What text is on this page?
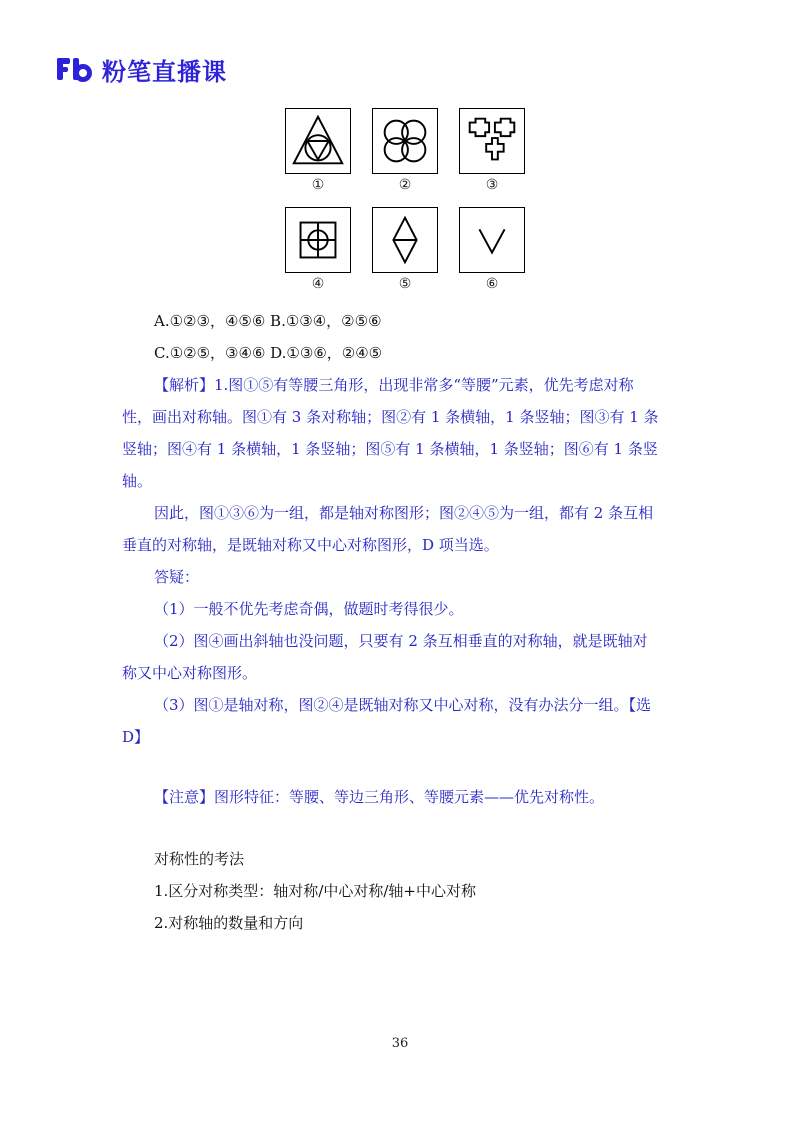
粉笔直播课
①	②	③
④	⑤	⑥
A.①②③，④⑤⑥ B.①③④，②⑤⑥
C.①②⑤，③④⑥ D.①③⑥，②④⑤
【解析】1.图①⑤有等腰三角形，出现非常多“等腰”元素，优先考虑对称
性，画出对称轴。图①有 3 条对称轴；图②有 1 条横轴，1 条竖轴；图③有 1 条
竖轴；图④有 1 条横轴，1 条竖轴；图⑤有 1 条横轴，1 条竖轴；图⑥有 1 条竖
轴。
因此，图①③⑥为一组，都是轴对称图形；图②④⑤为一组，都有 2 条互相
垂直的对称轴，是既轴对称又中心对称图形，D 项当选。
答疑：
（1）一般不优先考虑奇偶，做题时考得很少。
（2）图④画出斜轴也没问题，只要有 2 条互相垂直的对称轴，就是既轴对
称又中心对称图形。
（3）图①是轴对称，图②④是既轴对称又中心对称，没有办法分一组。【选
D】
【注意】图形特征：等腰、等边三角形、等腰元素——优先对称性。
对称性的考法
1.区分对称类型：轴对称/中心对称/轴+中心对称
2.对称轴的数量和方向
36
